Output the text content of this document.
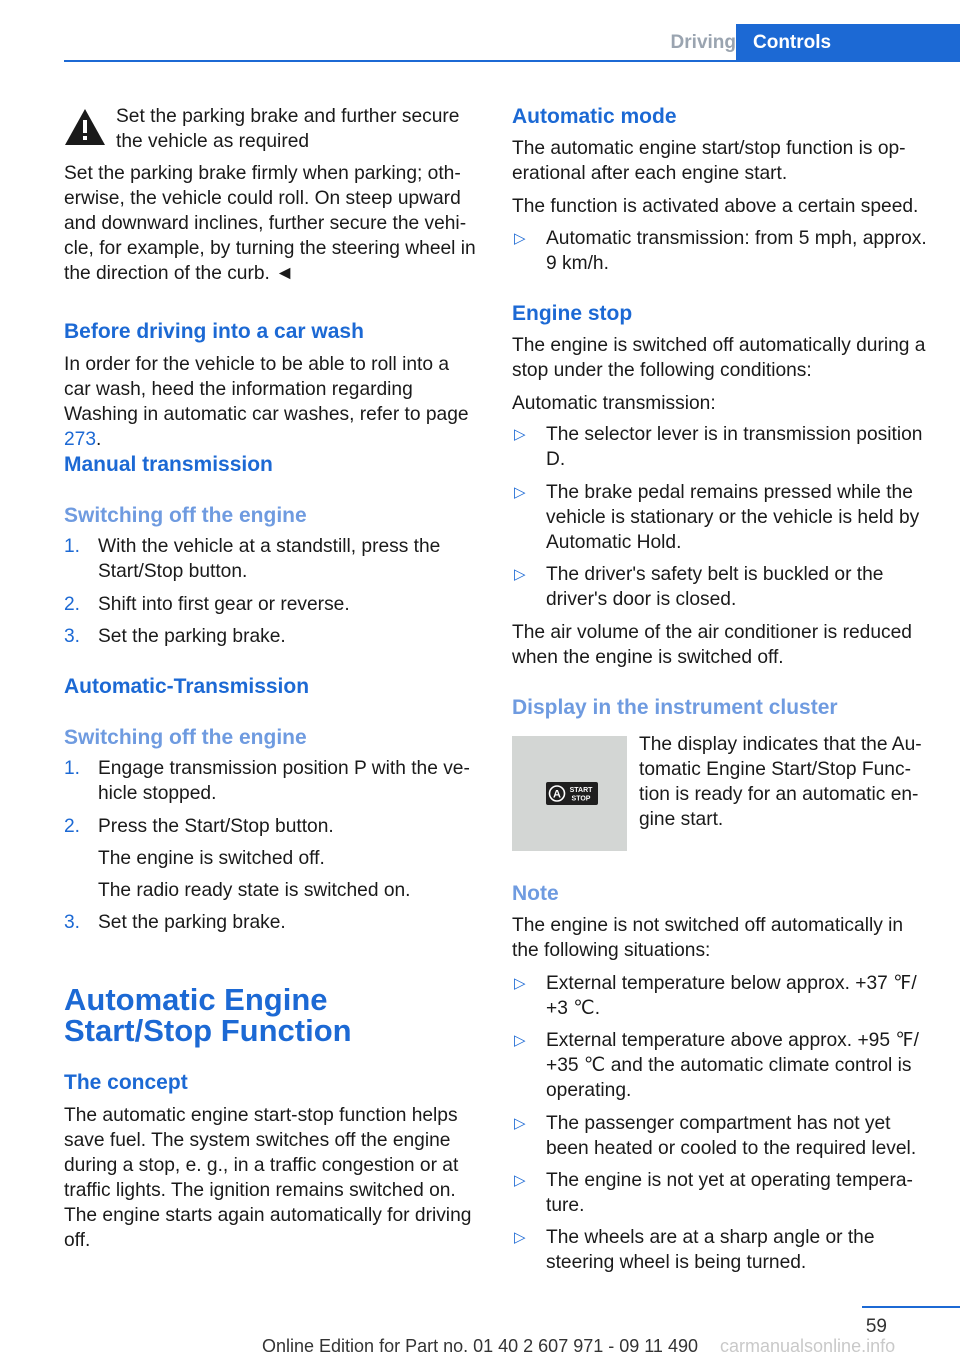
Driving Controls

Set the parking brake and further secure the vehicle as required

Set the parking brake firmly when parking; otherwise, the vehicle could roll. On steep upward and downward inclines, further secure the vehicle, for example, by turning the steering wheel in the direction of the curb. ◄

Before driving into a car wash

In order for the vehicle to be able to roll into a car wash, heed the information regarding Washing in automatic car washes, refer to page 273.

Manual transmission
Switching off the engine

1. With the vehicle at a standstill, press the Start/Stop button.

2. Shift into first gear or reverse.

3. Set the parking brake.

Automatic-Transmission
Switching off the engine

1. Engage transmission position P with the vehicle stopped.

2. Press the Start/Stop button.

The engine is switched off.

The radio ready state is switched on.

3. Set the parking brake.

Automatic Engine Start/Stop Function
The concept

The automatic engine start-stop function helps save fuel. The system switches off the engine during a stop, e. g., in a traffic congestion or at traffic lights. The ignition remains switched on. The engine starts again automatically for driving off.

Automatic mode

The automatic engine start/stop function is operational after each engine start.

The function is activated above a certain speed.

▷ Automatic transmission: from 5 mph, approx. 9 km/h.

Engine stop

The engine is switched off automatically during a stop under the following conditions:

Automatic transmission:

▷ The selector lever is in transmission position D.

▷ The brake pedal remains pressed while the vehicle is stationary or the vehicle is held by Automatic Hold.

▷ The driver's safety belt is buckled or the driver's door is closed.

The air volume of the air conditioner is reduced when the engine is switched off.

Display in the instrument cluster
A START
STOP

The display indicates that the Automatic Engine Start/Stop Function is ready for an automatic engine start.

Note

The engine is not switched off automatically in the following situations:

▷ External temperature below approx. +37 ℉/ +3 ℃.

▷ External temperature above approx. +95 ℉/ +35 ℃ and the automatic climate control is operating.

▷ The passenger compartment has not yet been heated or cooled to the required level.

▷ The engine is not yet at operating temperature.

▷ The wheels are at a sharp angle or the steering wheel is being turned.

59
Online Edition for Part no. 01 40 2 607 971 - 09 11 490	carmanualsonline.info
